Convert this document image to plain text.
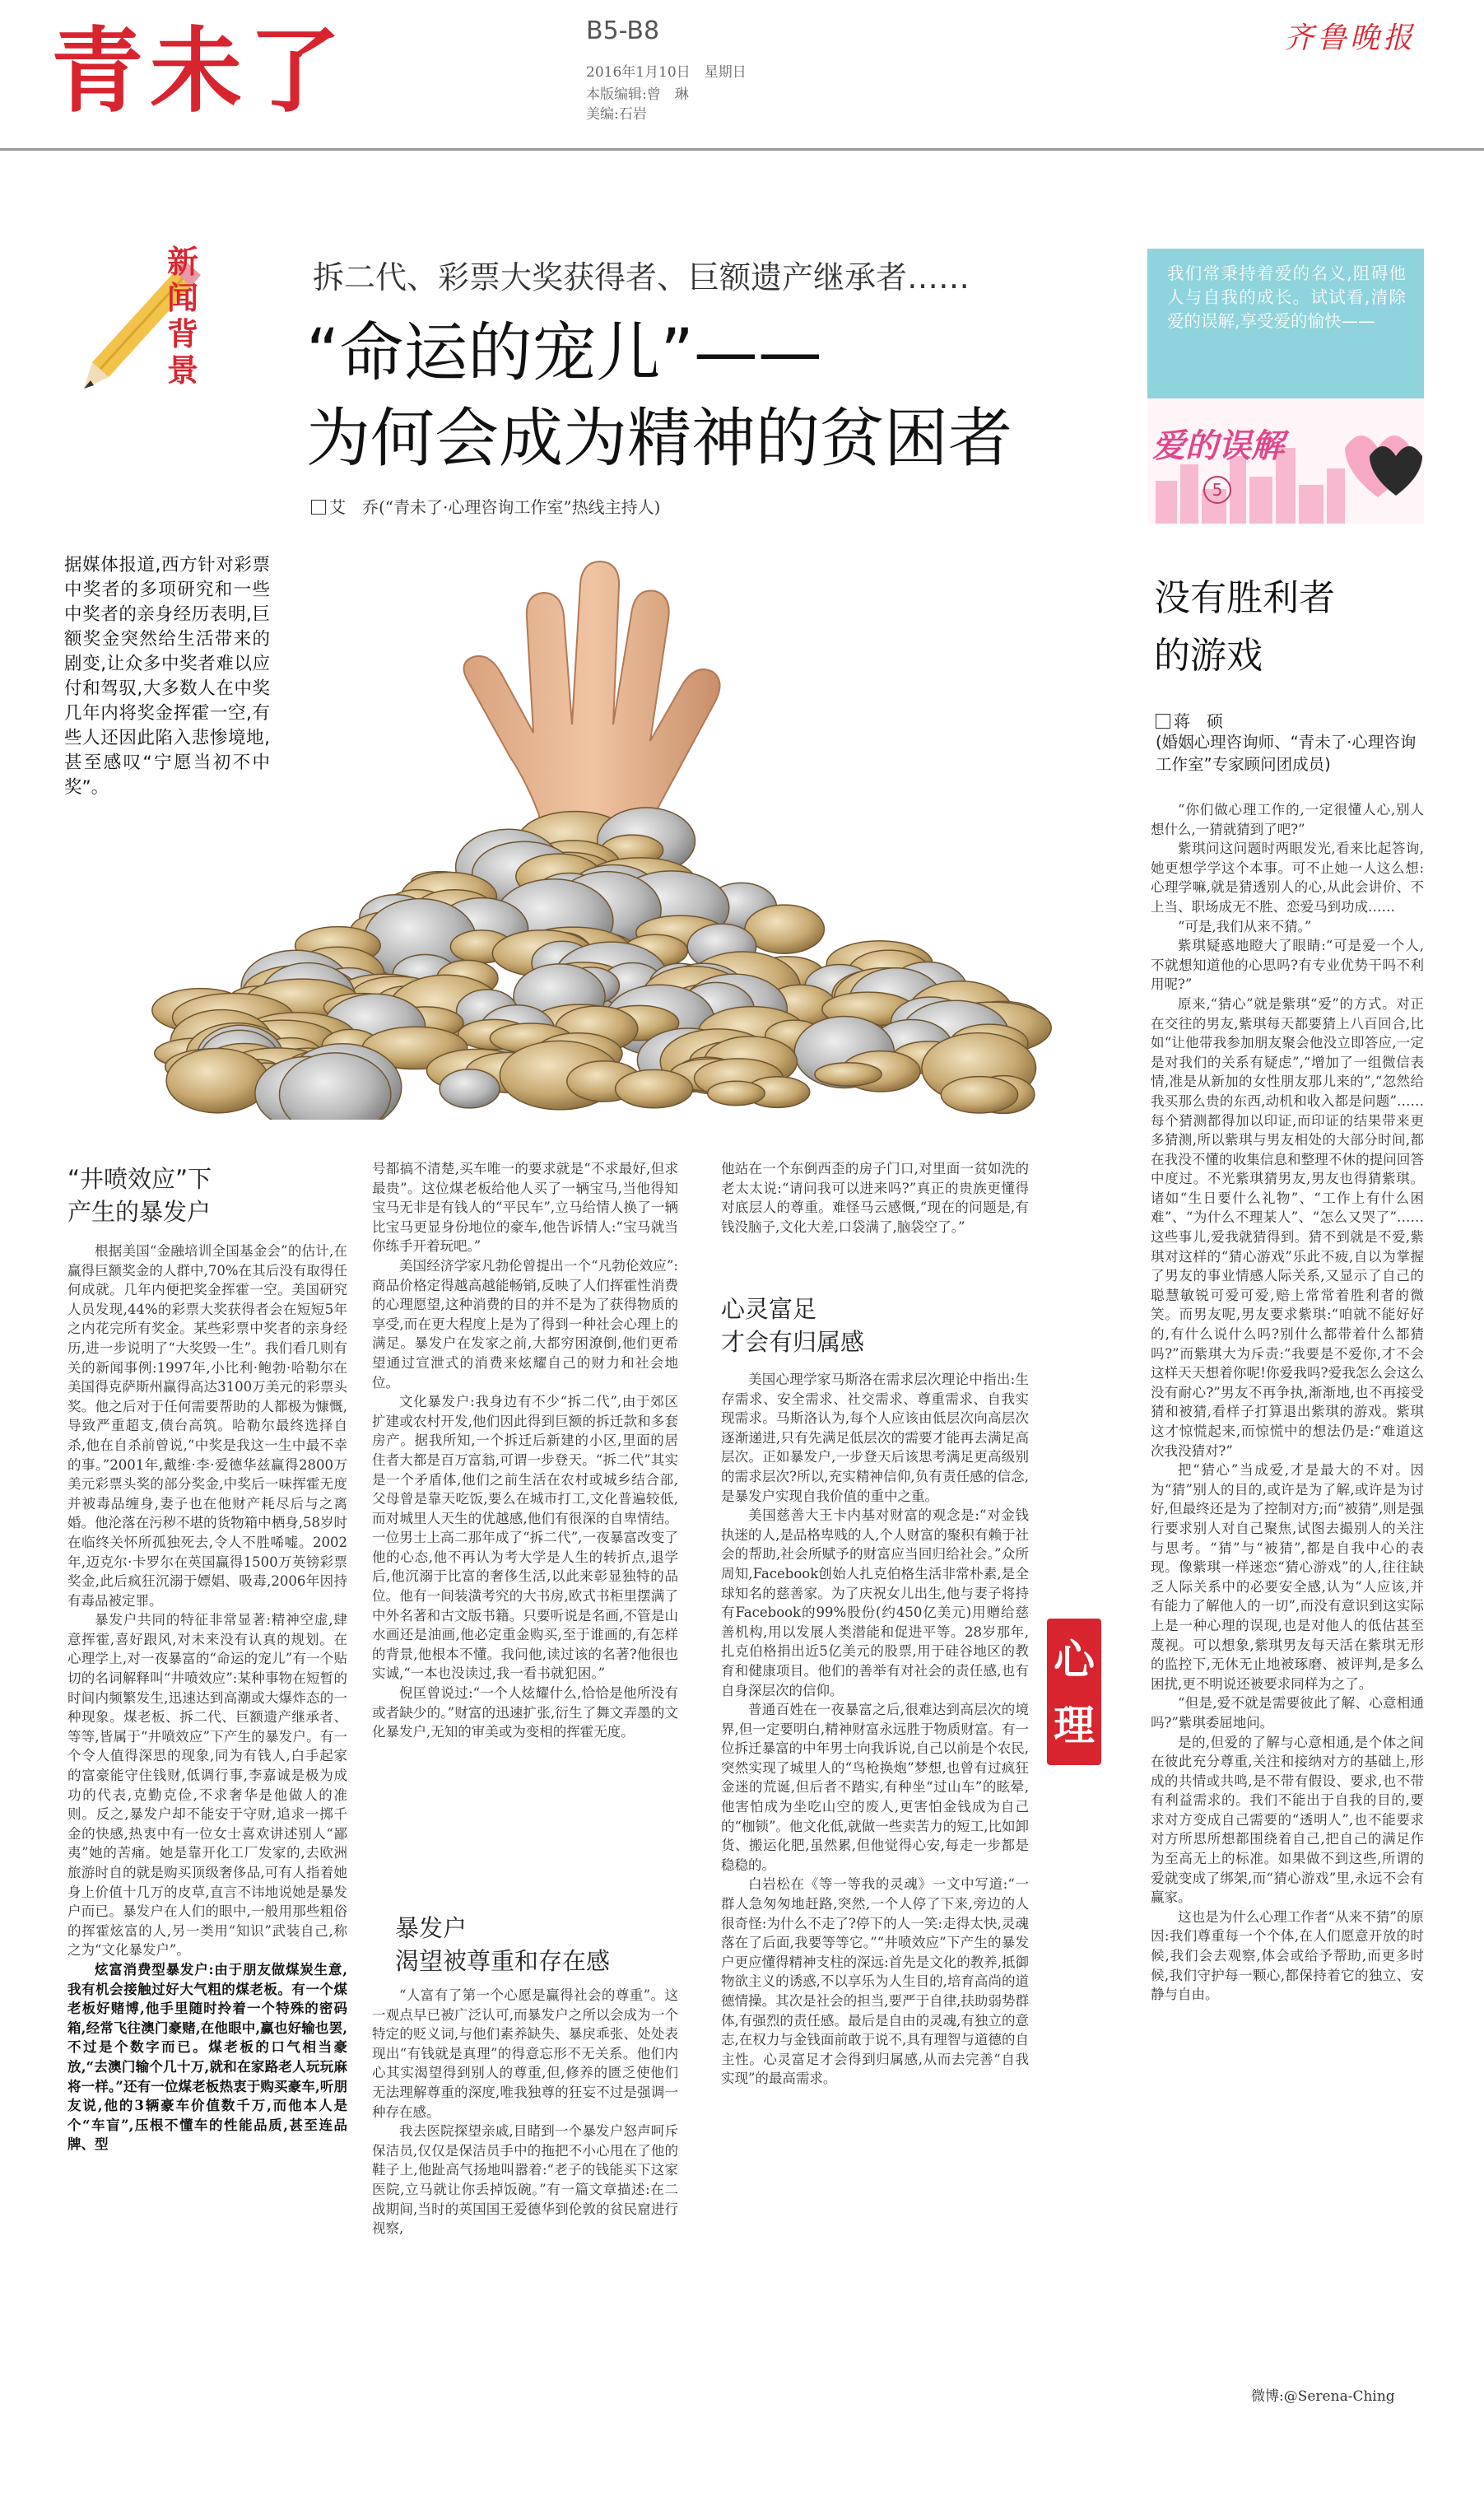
青未了	B5-B8
2016年1月10日　星期日
本版编辑:曾　琳
美编:石岩
齐鲁晚报
新闻背景
拆二代、彩票大奖获得者、巨额遗产继承者……
“命运的宠儿”——
为何会成为精神的贫困者
艾　乔(“青未了·心理咨询工作室”热线主持人)
据媒体报道,西方针对彩票中奖者的多项研究和一些中奖者的亲身经历表明,巨额奖金突然给生活带来的剧变,让众多中奖者难以应付和驾驭,大多数人在中奖几年内将奖金挥霍一空,有些人还因此陷入悲惨境地,甚至感叹“宁愿当初不中奖”。
“井喷效应”下
产生的暴发户

根据美国“金融培训全国基金会”的估计,在赢得巨额奖金的人群中,70%在其后没有取得任何成就。几年内便把奖金挥霍一空。美国研究人员发现,44%的彩票大奖获得者会在短短5年之内花完所有奖金。某些彩票中奖者的亲身经历,进一步说明了“大奖毁一生”。我们看几则有关的新闻事例:1997年,小比利·鲍勃·哈勒尔在美国得克萨斯州赢得高达3100万美元的彩票头奖。他之后对于任何需要帮助的人都极为慷慨,导致严重超支,债台高筑。哈勒尔最终选择自杀,他在自杀前曾说,“中奖是我这一生中最不幸的事。”2001年,戴维·李·爱德华兹赢得2800万美元彩票头奖的部分奖金,中奖后一味挥霍无度并被毒品缠身,妻子也在他财产耗尽后与之离婚。他沦落在污秽不堪的货物箱中栖身,58岁时在临终关怀所孤独死去,令人不胜唏嘘。2002年,迈克尔·卡罗尔在英国赢得1500万英镑彩票奖金,此后疯狂沉溺于嫖娼、吸毒,2006年因持有毒品被定罪。

暴发户共同的特征非常显著:精神空虚,肆意挥霍,喜好跟风,对未来没有认真的规划。在心理学上,对一夜暴富的“命运的宠儿”有一个贴切的名词解释叫“井喷效应”:某种事物在短暂的时间内频繁发生,迅速达到高潮或大爆炸态的一种现象。煤老板、拆二代、巨额遗产继承者、等等,皆属于“井喷效应”下产生的暴发户。有一个令人值得深思的现象,同为有钱人,白手起家的富豪能守住钱财,低调行事,李嘉诚是极为成功的代表,克勤克俭,不求奢华是他做人的准则。反之,暴发户却不能安于守财,追求一掷千金的快感,热衷中有一位女士喜欢讲述别人“鄙夷”她的苦痛。她是靠开化工厂发家的,去欧洲旅游时自的就是购买顶级奢侈品,可有人指着她身上价值十几万的皮草,直言不讳地说她是暴发户而已。暴发户在人们的眼中,一般用那些粗俗的挥霍炫富的人,另一类用“知识”武装自己,称之为“文化暴发户”。

炫富消费型暴发户:由于朋友做煤炭生意,我有机会接触过好大气粗的煤老板。有一个煤老板好赌博,他手里随时拎着一个特殊的密码箱,经常飞往澳门豪赌,在他眼中,赢也好输也罢,不过是个数字而已。煤老板的口气相当豪放,“去澳门输个几十万,就和在家路老人玩玩麻将一样。”还有一位煤老板热衷于购买豪车,听朋友说,他的3辆豪车价值数千万,而他本人是个“车盲”,压根不懂车的性能品质,甚至连品牌、型

号都搞不清楚,买车唯一的要求就是“不求最好,但求最贵”。这位煤老板给他人买了一辆宝马,当他得知宝马无非是有钱人的“平民车”,立马给情人换了一辆比宝马更显身份地位的豪车,他告诉情人:“宝马就当你练手开着玩吧。”

美国经济学家凡勃伦曾提出一个“凡勃伦效应”:商品价格定得越高越能畅销,反映了人们挥霍性消费的心理愿望,这种消费的目的并不是为了获得物质的享受,而在更大程度上是为了得到一种社会心理上的满足。暴发户在发家之前,大都穷困潦倒,他们更希望通过宣泄式的消费来炫耀自己的财力和社会地位。

文化暴发户:我身边有不少“拆二代”,由于郊区扩建或农村开发,他们因此得到巨额的拆迁款和多套房产。据我所知,一个拆迁后新建的小区,里面的居住者大都是百万富翁,可谓一步登天。“拆二代”其实是一个矛盾体,他们之前生活在农村或城乡结合部,父母曾是靠天吃饭,要么在城市打工,文化普遍较低,而对城里人天生的优越感,他们有很深的自卑情结。一位男士上高二那年成了“拆二代”,一夜暴富改变了他的心态,他不再认为考大学是人生的转折点,退学后,他沉溺于比富的奢侈生活,以此来彰显独特的品位。他有一间装潢考究的大书房,欧式书柜里摆满了中外名著和古文版书籍。只要听说是名画,不管是山水画还是油画,他必定重金购买,至于谁画的,有怎样的背景,他根本不懂。我问他,读过该的名著?他很也实诚,“一本也没读过,我一看书就犯困。”

倪匡曾说过:“一个人炫耀什么,恰恰是他所没有或者缺少的。”财富的迅速扩张,衍生了舞文弄墨的文化暴发户,无知的审美或为变相的挥霍无度。

暴发户
渴望被尊重和存在感

“人富有了第一个心愿是赢得社会的尊重”。这一观点早已被广泛认可,而暴发户之所以会成为一个特定的贬义词,与他们素养缺失、暴戾乖张、处处表现出“有钱就是真理”的得意忘形不无关系。他们内心其实渴望得到别人的尊重,但,修养的匮乏使他们无法理解尊重的深度,唯我独尊的狂妄不过是强调一种存在感。

我去医院探望亲戚,目睹到一个暴发户怒声呵斥保洁员,仅仅是保洁员手中的拖把不小心甩在了他的鞋子上,他趾高气扬地叫嚣着:“老子的钱能买下这家医院,立马就让你丢掉饭碗。”有一篇文章描述:在二战期间,当时的英国国王爱德华到伦敦的贫民窟进行视察,

他站在一个东倒西歪的房子门口,对里面一贫如洗的老太太说:“请问我可以进来吗?”真正的贵族更懂得对底层人的尊重。难怪马云感慨,“现在的问题是,有钱没脑子,文化大差,口袋满了,脑袋空了。”

心灵富足
才会有归属感

美国心理学家马斯洛在需求层次理论中指出:生存需求、安全需求、社交需求、尊重需求、自我实现需求。马斯洛认为,每个人应该由低层次向高层次逐渐递进,只有先满足低层次的需要才能再去满足高层次。正如暴发户,一步登天后该思考满足更高级别的需求层次?所以,充实精神信仰,负有责任感的信念,是暴发户实现自我价值的重中之重。

美国慈善大王卡内基对财富的观念是:“对金钱执迷的人,是品格卑贱的人,个人财富的聚积有赖于社会的帮助,社会所赋予的财富应当回归给社会。”众所周知,Facebook创始人扎克伯格生活非常朴素,是全球知名的慈善家。为了庆祝女儿出生,他与妻子将持有Facebook的99%股份(约450亿美元)用赠给慈善机构,用以发展人类潜能和促进平等。28岁那年,扎克伯格捐出近5亿美元的股票,用于硅谷地区的教育和健康项目。他们的善举有对社会的责任感,也有自身深层次的信仰。

普通百姓在一夜暴富之后,很难达到高层次的境界,但一定要明白,精神财富永远胜于物质财富。有一位拆迁暴富的中年男士向我诉说,自己以前是个农民,突然实现了城里人的“鸟枪换炮”梦想,也曾有过疯狂金迷的荒诞,但后者不踏实,有种坐“过山车”的眩晕,他害怕成为坐吃山空的废人,更害怕金钱成为自己的“枷锁”。他文化低,就做一些卖苦力的短工,比如卸货、搬运化肥,虽然累,但他觉得心安,每走一步都是稳稳的。

白岩松在《等一等我的灵魂》一文中写道:“一群人急匆匆地赶路,突然,一个人停了下来,旁边的人很奇怪:为什么不走了?停下的人一笑:走得太快,灵魂落在了后面,我要等等它。”“井喷效应”下产生的暴发户更应懂得精神支柱的深远:首先是文化的教养,抵御物欲主义的诱惑,不以享乐为人生目的,培育高尚的道德情操。其次是社会的担当,要严于自律,扶助弱势群体,有强烈的责任感。最后是自由的灵魂,有独立的意志,在权力与金钱面前敢于说不,具有理智与道德的自主性。心灵富足才会得到归属感,从而去完善“自我实现”的最高需求。

心理
我们常秉持着爱的名义,阻碍他人与自我的成长。试试看,清除爱的误解,享受爱的愉快——
爱的误解
5
没有胜利者
的游戏
蒋　硕
(婚姻心理咨询师、“青未了·心理咨询工作室”专家顾问团成员)

“你们做心理工作的,一定很懂人心,别人想什么,一猜就猜到了吧?”

紫琪问这问题时两眼发光,看来比起答询,她更想学学这个本事。可不止她一人这么想:心理学嘛,就是猜透别人的心,从此会讲价、不上当、职场成无不胜、恋爱马到功成……

“可是,我们从来不猜。”

紫琪疑惑地瞪大了眼睛:“可是爱一个人,不就想知道他的心思吗?有专业优势干吗不利用呢?”

原来,“猜心”就是紫琪“爱”的方式。对正在交往的男友,紫琪每天都要猜上八百回合,比如“让他带我参加朋友聚会他没立即答应,一定是对我们的关系有疑虑”,“增加了一组微信表情,准是从新加的女性朋友那儿来的”,“忽然给我买那么贵的东西,动机和收入都是问题”……每个猜测都得加以印证,而印证的结果带来更多猜测,所以紫琪与男友相处的大部分时间,都在我没不懂的收集信息和整理不休的提问回答中度过。不光紫琪猜男友,男友也得猜紫琪。诸如“生日要什么礼物”、“工作上有什么困难”、“为什么不理某人”、“怎么又哭了”……这些事儿,爱我就猜得到。猜不到就是不爱,紫琪对这样的“猜心游戏”乐此不疲,自以为掌握了男友的事业情感人际关系,又显示了自己的聪慧敏锐可爱可爱,赔上常常着胜利者的微笑。而男友呢,男友要求紫琪:“咱就不能好好的,有什么说什么吗?别什么都带着什么都猜吗?”而紫琪大为斥责:“我要是不爱你,才不会这样天天想着你呢!你爱我吗?爱我怎么会这么没有耐心?”男友不再争执,渐渐地,也不再接受猜和被猜,看样子打算退出紫琪的游戏。紫琪这才惊慌起来,而惊慌中的想法仍是:“难道这次我没猜对?”

把“猜心”当成爱,才是最大的不对。因为“猜”别人的目的,或许是为了解,或许是为讨好,但最终还是为了控制对方;而“被猜”,则是强行要求别人对自己聚焦,试图去撮别人的关注与思考。“猜”与“被猜”,都是自我中心的表现。像紫琪一样迷恋“猜心游戏”的人,往往缺乏人际关系中的必要安全感,认为“人应该,并有能力了解他人的一切”,而没有意识到这实际上是一种心理的误现,也是对他人的低估甚至蔑视。可以想象,紫琪男友每天活在紫琪无形的监控下,无休无止地被琢磨、被评判,是多么困扰,更不明说还被要求同样为之了。

“但是,爱不就是需要彼此了解、心意相通吗?”紫琪委屈地问。

是的,但爱的了解与心意相通,是个体之间在彼此充分尊重,关注和接纳对方的基础上,形成的共情或共鸣,是不带有假设、要求,也不带有利益需求的。我们不能出于自我的目的,要求对方变成自己需要的“透明人”,也不能要求对方所思所想都围绕着自己,把自己的满足作为至高无上的标准。如果做不到这些,所谓的爱就变成了绑架,而“猜心游戏”里,永远不会有赢家。

这也是为什么心理工作者“从来不猜”的原因:我们尊重每一个个体,在人们愿意开放的时候,我们会去观察,体会或给予帮助,而更多时候,我们守护每一颗心,都保持着它的独立、安静与自由。

微博:@Serena-Ching
